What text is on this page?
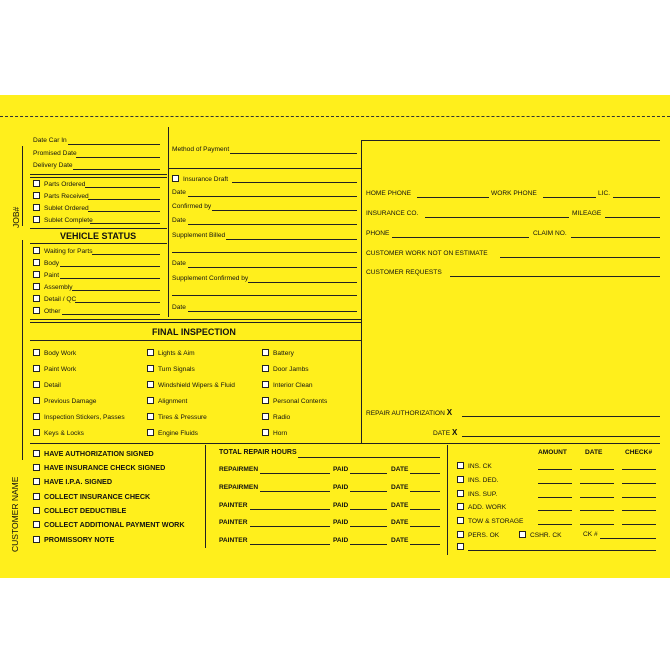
JOB#
CUSTOMER NAME
Date Car In
Promised Date
Delivery Date
Parts Ordered
Parts Received
Sublet Ordered
Sublet Complete
VEHICLE STATUS
Waiting for Parts
Body
Paint
Assembly
Detail / QC
Other
Method of Payment
Insurance Draft
Date
Confirmed by
Date
Supplement Billed
Date
Supplement Confirmed by
Date
HOME PHONE	WORK PHONE	LIC.
INSURANCE CO.	MILEAGE
PHONE	CLAIM NO.
CUSTOMER WORK NOT ON ESTIMATE
CUSTOMER REQUESTS
REPAIR AUTHORIZATION X
DATE X
FINAL INSPECTION
Body Work
Paint Work
Detail
Previous Damage
Inspection Stickers, Passes
Keys & Locks
Lights & Aim
Turn Signals
Windshield Wipers & Fluid
Alignment
Tires & Pressure
Engine Fluids
Battery
Door Jambs
Interior Clean
Personal Contents
Radio
Horn
HAVE AUTHORIZATION SIGNED
HAVE INSURANCE CHECK SIGNED
HAVE I.P.A. SIGNED
COLLECT INSURANCE CHECK
COLLECT DEDUCTIBLE
COLLECT ADDITIONAL PAYMENT WORK
PROMISSORY NOTE
TOTAL REPAIR HOURS
REPAIRMEN	PAID	DATE
REPAIRMEN	PAID	DATE
PAINTER	PAID	DATE
PAINTER	PAID	DATE
PAINTER	PAID	DATE
AMOUNT	DATE	CHECK#
INS. CK
INS. DED.
INS. SUP.
ADD. WORK
TOW & STORAGE
PERS. OK	CSHR. CK	CK #
